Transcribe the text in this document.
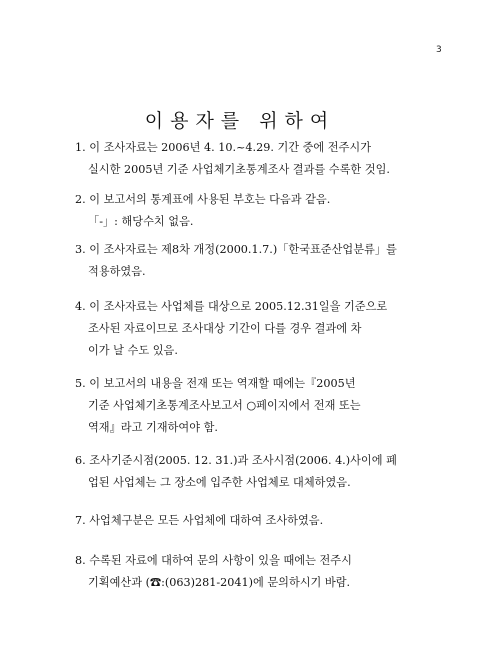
3
이용자를 위하여
1. 이 조사자료는 2006년 4. 10.~4.29. 기간 중에 전주시가
실시한 2005년 기준 사업체기초통계조사 결과를 수록한 것임.
2. 이 보고서의 통계표에 사용된 부호는 다음과 같음.
「-」: 해당수치 없음.
3. 이 조사자료는 제8차 개정(2000.1.7.)「한국표준산업분류」를
적용하였음.
4. 이 조사자료는 사업체를 대상으로 2005.12.31일을 기준으로
조사된 자료이므로 조사대상 기간이 다를 경우 결과에 차
이가 날 수도 있음.
5. 이 보고서의 내용을 전재 또는 역재할 때에는『2005년
기준 사업체기초통계조사보고서 ○페이지에서 전재 또는
역재』라고 기재하여야 함.
6. 조사기준시점(2005. 12. 31.)과 조사시점(2006. 4.)사이에 폐
업된 사업체는 그 장소에 입주한 사업체로 대체하였음.
7. 사업체구분은 모든 사업체에 대하여 조사하였음.
8. 수록된 자료에 대하여 문의 사항이 있을 때에는 전주시
기획예산과 (☎:(063)281-2041)에 문의하시기 바람.
